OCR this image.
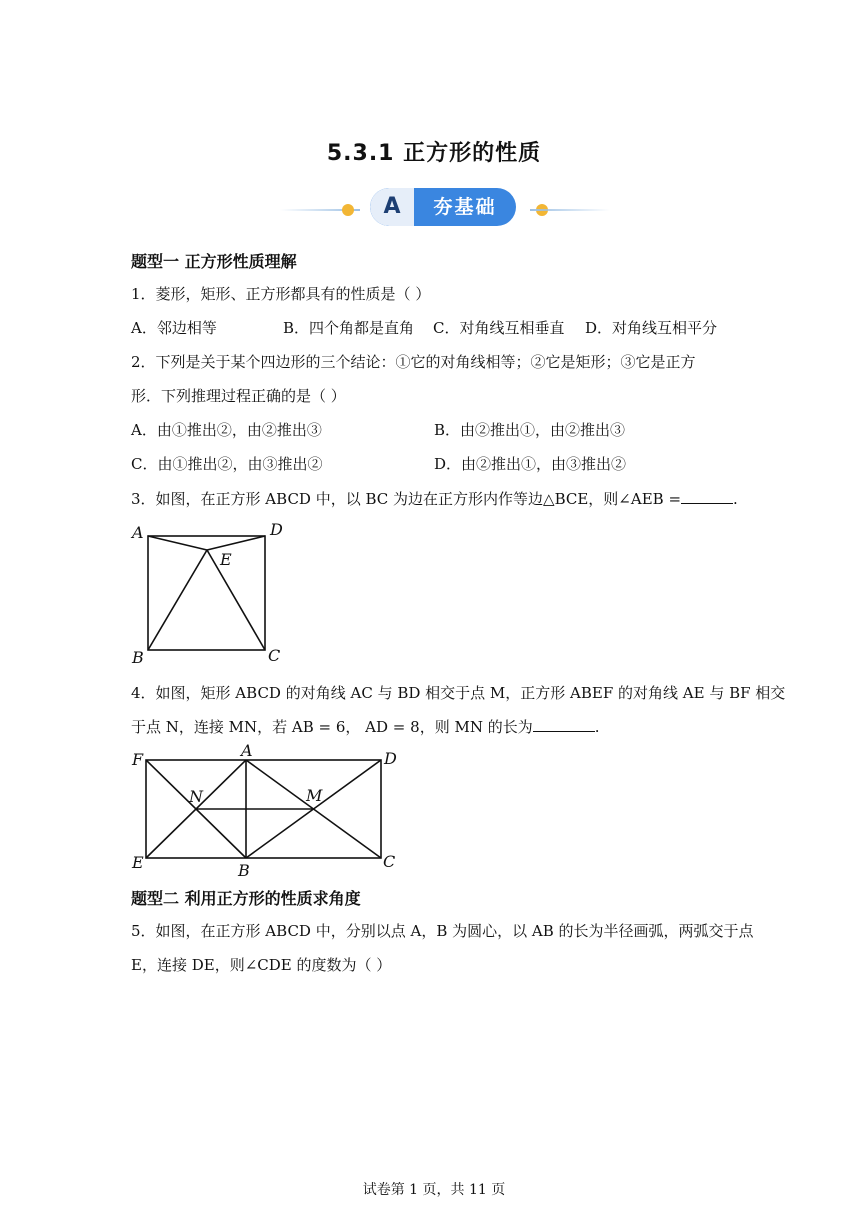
5.3.1 正方形的性质
A	夯基础
题型一 正方形性质理解
1．菱形，矩形、正方形都具有的性质是（ ）
A．邻边相等	B．四个角都是直角 C．对角线互相垂直 D．对角线互相平分
2．下列是关于某个四边形的三个结论：①它的对角线相等；②它是矩形；③它是正方
形．下列推理过程正确的是（ ）
A．由①推出②，由②推出③	B．由②推出①，由②推出③
C．由①推出②，由③推出②	D．由②推出①，由③推出②
3．如图，在正方形 ABCD 中，以 BC 为边在正方形内作等边△BCE，则∠AEB =	.
A	D
E
B	C
4．如图，矩形 ABCD 的对角线 AC 与 BD 相交于点 M，正方形 ABEF 的对角线 AE 与 BF 相交
于点 N，连接 MN，若 AB = 6， AD = 8，则 MN 的长为	.
F	A	D
N	M
E	B	C
题型二 利用正方形的性质求角度
5．如图，在正方形 ABCD 中，分别以点 A，B 为圆心，以 AB 的长为半径画弧，两弧交于点
E，连接 DE，则∠CDE 的度数为（ ）
试卷第 1 页，共 11 页
